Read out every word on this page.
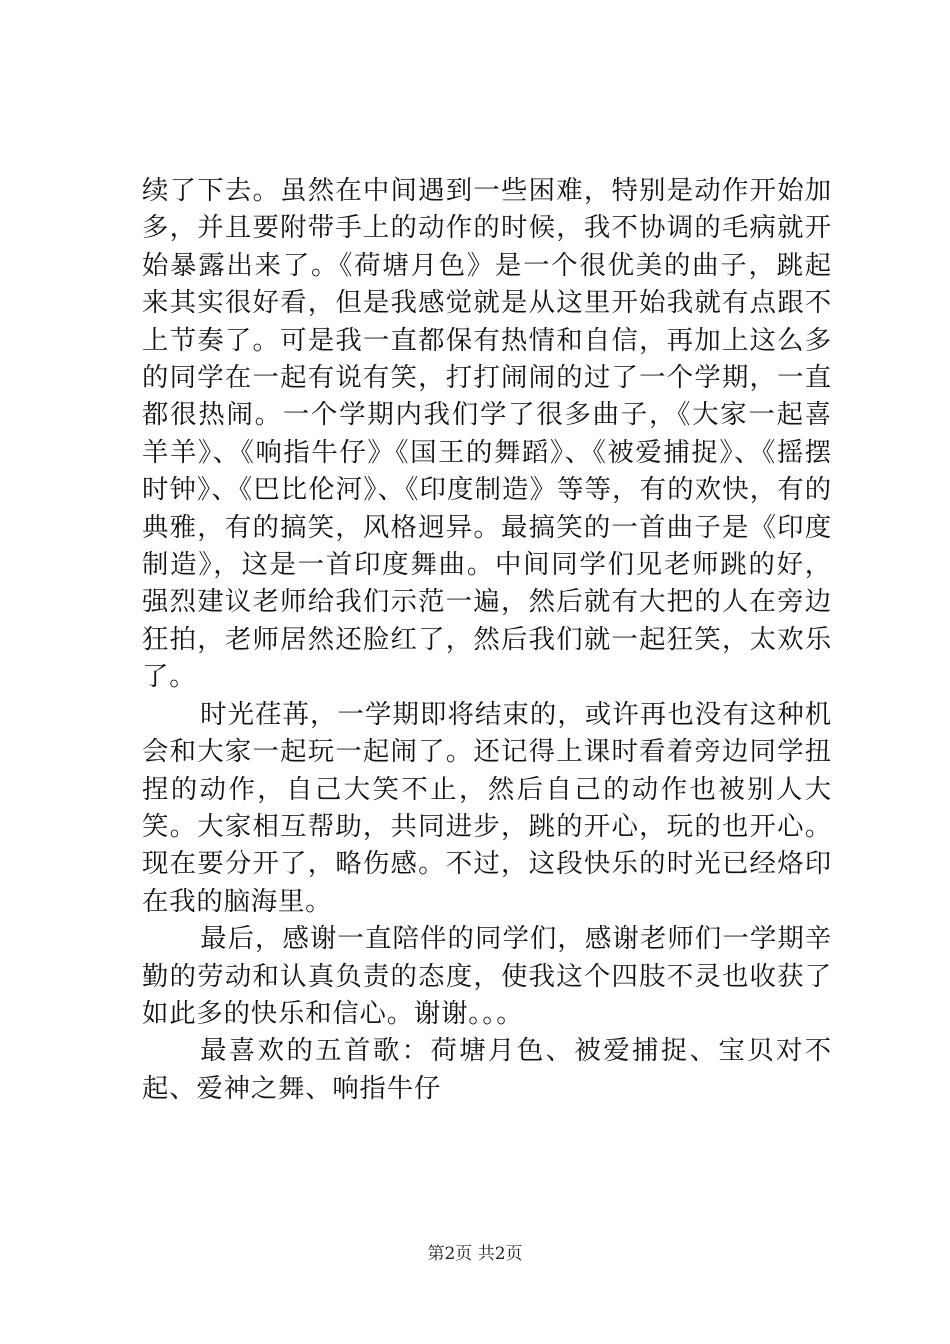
续了下去。虽然在中间遇到一些困难，特别是动作开始加多，并且要附带手上的动作的时候，我不协调的毛病就开始暴露出来了。《荷塘月色》是一个很优美的曲子，跳起来其实很好看，但是我感觉就是从这里开始我就有点跟不上节奏了。可是我一直都保有热情和自信，再加上这么多的同学在一起有说有笑，打打闹闹的过了一个学期，一直都很热闹。一个学期内我们学了很多曲子，《大家一起喜羊羊》、《响指牛仔》《国王的舞蹈》、《被爱捕捉》、《摇摆时钟》、《巴比伦河》、《印度制造》等等，有的欢快，有的典雅，有的搞笑，风格迥异。最搞笑的一首曲子是《印度制造》，这是一首印度舞曲。中间同学们见老师跳的好，强烈建议老师给我们示范一遍，然后就有大把的人在旁边狂拍，老师居然还脸红了，然后我们就一起狂笑，太欢乐了。

时光荏苒，一学期即将结束的，或许再也没有这种机会和大家一起玩一起闹了。还记得上课时看着旁边同学扭捏的动作，自己大笑不止，然后自己的动作也被别人大笑。大家相互帮助，共同进步，跳的开心，玩的也开心。现在要分开了，略伤感。不过，这段快乐的时光已经烙印在我的脑海里。

最后，感谢一直陪伴的同学们，感谢老师们一学期辛勤的劳动和认真负责的态度，使我这个四肢不灵也收获了如此多的快乐和信心。谢谢。。。

最喜欢的五首歌：荷塘月色、被爱捕捉、宝贝对不起、爱神之舞、响指牛仔

第2页 共2页
